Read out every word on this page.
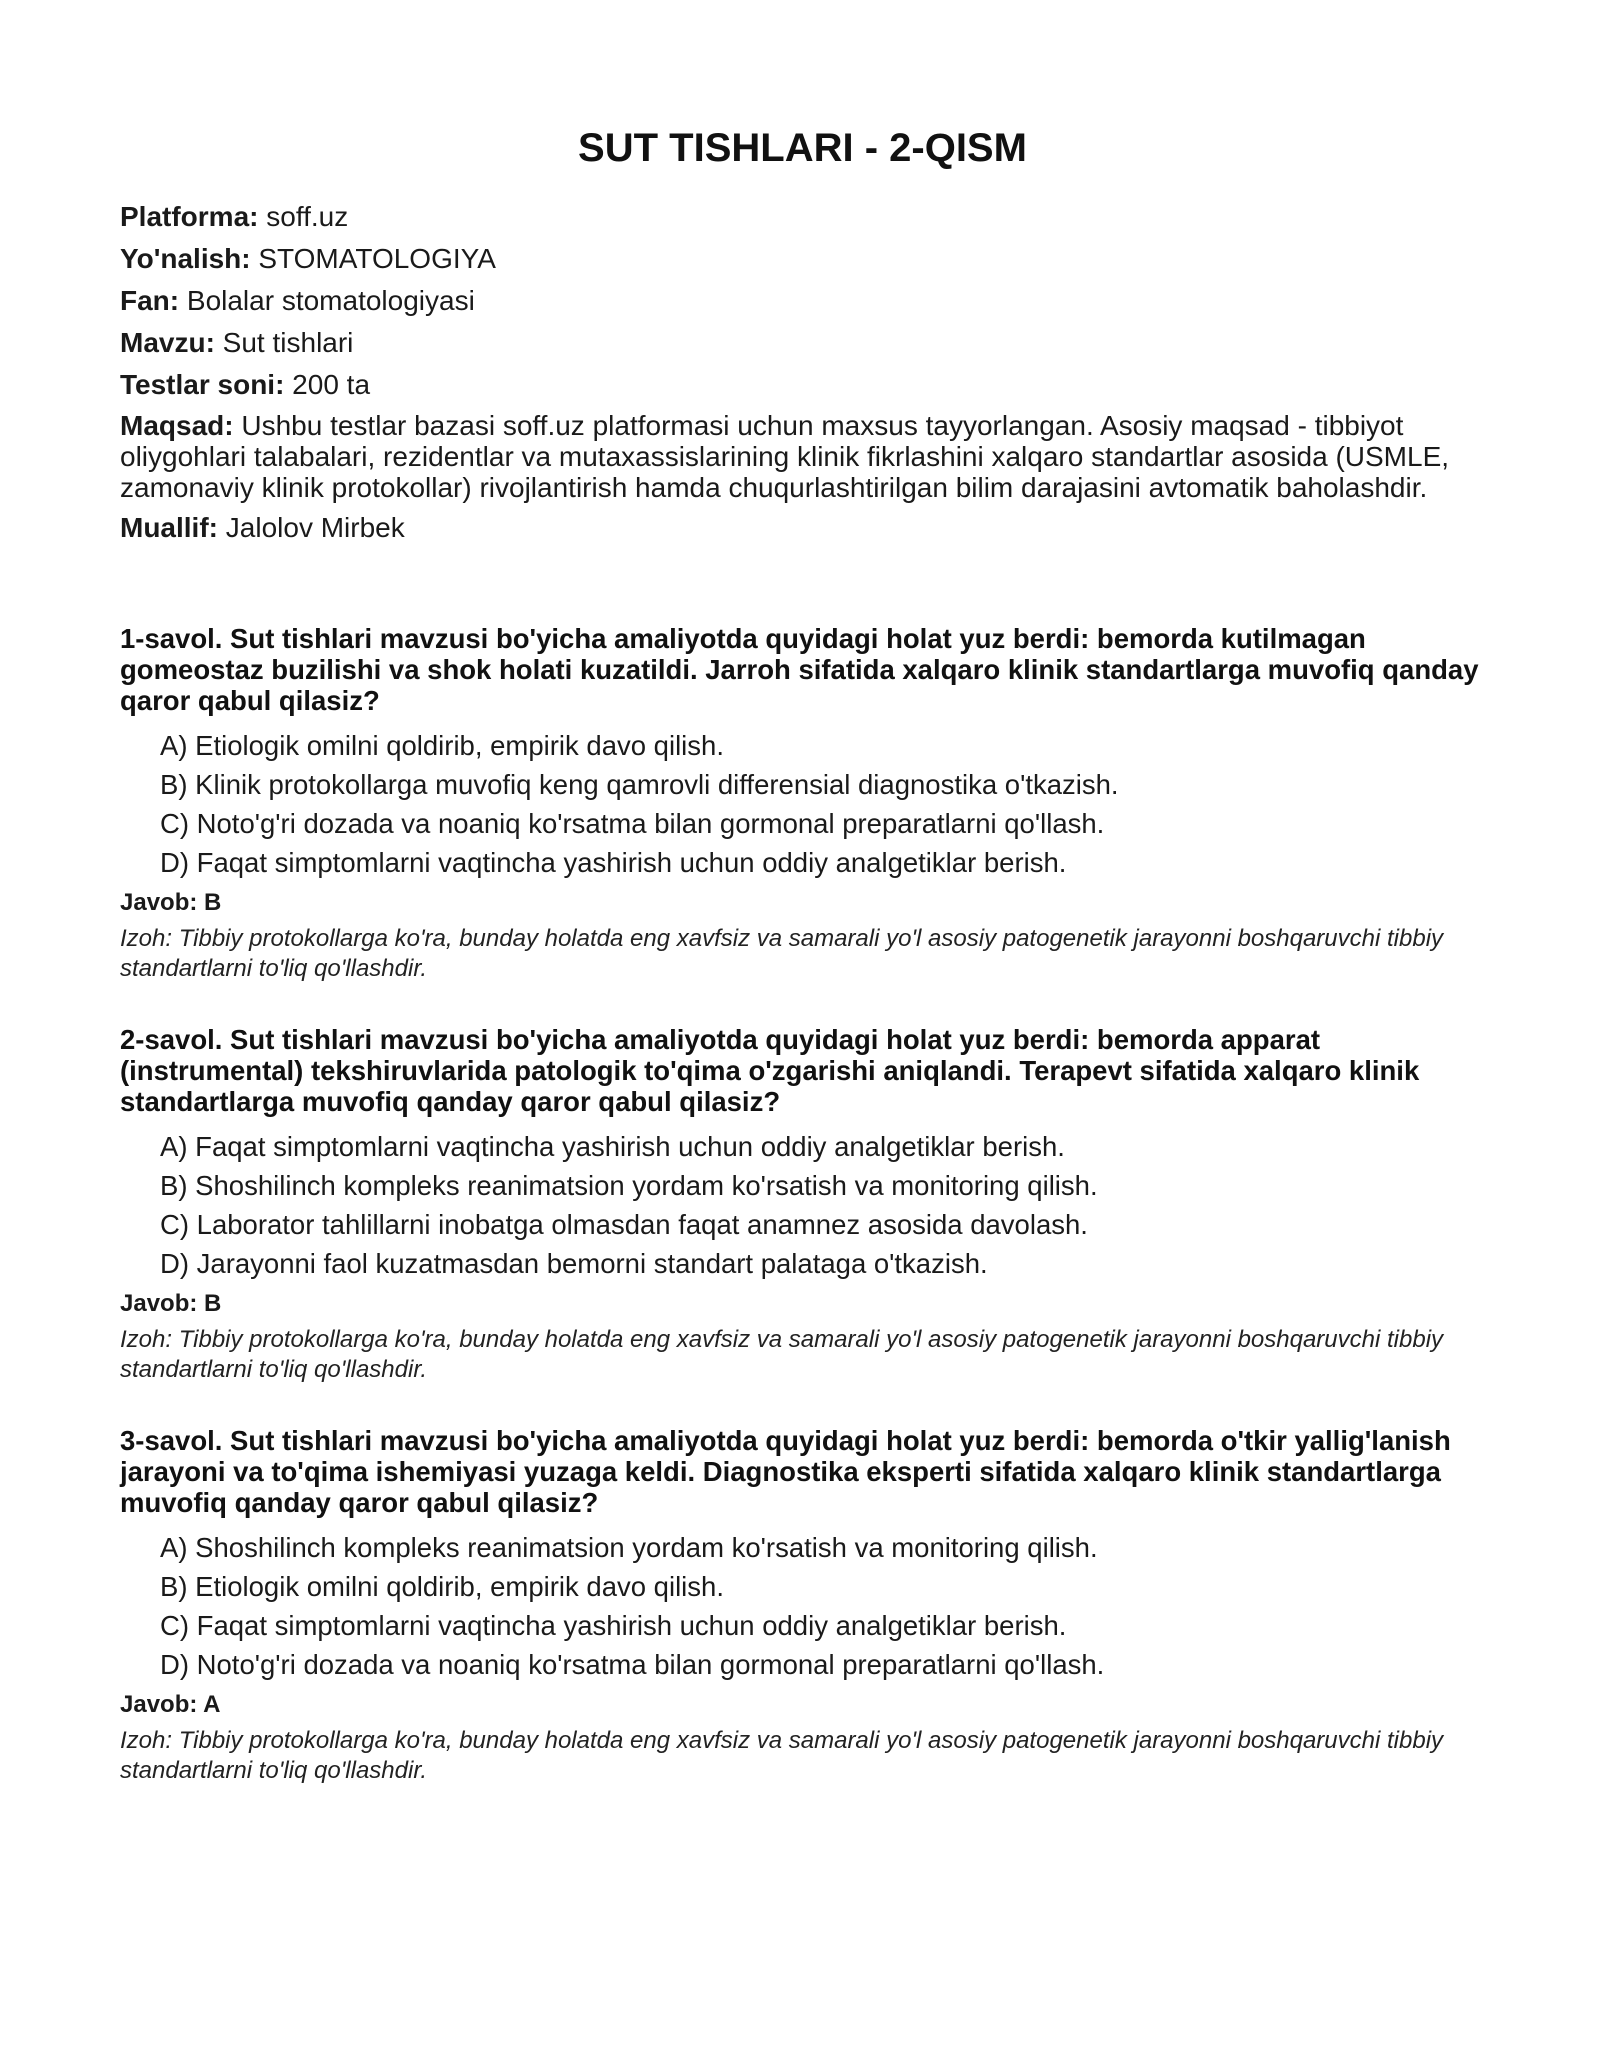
SUT TISHLARI - 2-QISM

Platforma: soff.uz

Yo'nalish: STOMATOLOGIYA

Fan: Bolalar stomatologiyasi

Mavzu: Sut tishlari

Testlar soni: 200 ta

Maqsad: Ushbu testlar bazasi soff.uz platformasi uchun maxsus tayyorlangan. Asosiy maqsad - tibbiyot oliygohlari talabalari, rezidentlar va mutaxassislarining klinik fikrlashini xalqaro standartlar asosida (USMLE, zamonaviy klinik protokollar) rivojlantirish hamda chuqurlashtirilgan bilim darajasini avtomatik baholashdir.

Muallif: Jalolov Mirbek

1-savol. Sut tishlari mavzusi bo'yicha amaliyotda quyidagi holat yuz berdi: bemorda kutilmagan gomeostaz buzilishi va shok holati kuzatildi. Jarroh sifatida xalqaro klinik standartlarga muvofiq qanday qaror qabul qilasiz?

A) Etiologik omilni qoldirib, empirik davo qilish.
B) Klinik protokollarga muvofiq keng qamrovli differensial diagnostika o'tkazish.
C) Noto'g'ri dozada va noaniq ko'rsatma bilan gormonal preparatlarni qo'llash.
D) Faqat simptomlarni vaqtincha yashirish uchun oddiy analgetiklar berish.

Javob: B

Izoh: Tibbiy protokollarga ko'ra, bunday holatda eng xavfsiz va samarali yo'l asosiy patogenetik jarayonni boshqaruvchi tibbiy standartlarni to'liq qo'llashdir.

2-savol. Sut tishlari mavzusi bo'yicha amaliyotda quyidagi holat yuz berdi: bemorda apparat (instrumental) tekshiruvlarida patologik to'qima o'zgarishi aniqlandi. Terapevt sifatida xalqaro klinik standartlarga muvofiq qanday qaror qabul qilasiz?

A) Faqat simptomlarni vaqtincha yashirish uchun oddiy analgetiklar berish.
B) Shoshilinch kompleks reanimatsion yordam ko'rsatish va monitoring qilish.
C) Laborator tahlillarni inobatga olmasdan faqat anamnez asosida davolash.
D) Jarayonni faol kuzatmasdan bemorni standart palataga o'tkazish.

Javob: B

Izoh: Tibbiy protokollarga ko'ra, bunday holatda eng xavfsiz va samarali yo'l asosiy patogenetik jarayonni boshqaruvchi tibbiy standartlarni to'liq qo'llashdir.

3-savol. Sut tishlari mavzusi bo'yicha amaliyotda quyidagi holat yuz berdi: bemorda o'tkir yallig'lanish jarayoni va to'qima ishemiyasi yuzaga keldi. Diagnostika eksperti sifatida xalqaro klinik standartlarga muvofiq qanday qaror qabul qilasiz?

A) Shoshilinch kompleks reanimatsion yordam ko'rsatish va monitoring qilish.
B) Etiologik omilni qoldirib, empirik davo qilish.
C) Faqat simptomlarni vaqtincha yashirish uchun oddiy analgetiklar berish.
D) Noto'g'ri dozada va noaniq ko'rsatma bilan gormonal preparatlarni qo'llash.

Javob: A

Izoh: Tibbiy protokollarga ko'ra, bunday holatda eng xavfsiz va samarali yo'l asosiy patogenetik jarayonni boshqaruvchi tibbiy standartlarni to'liq qo'llashdir.
